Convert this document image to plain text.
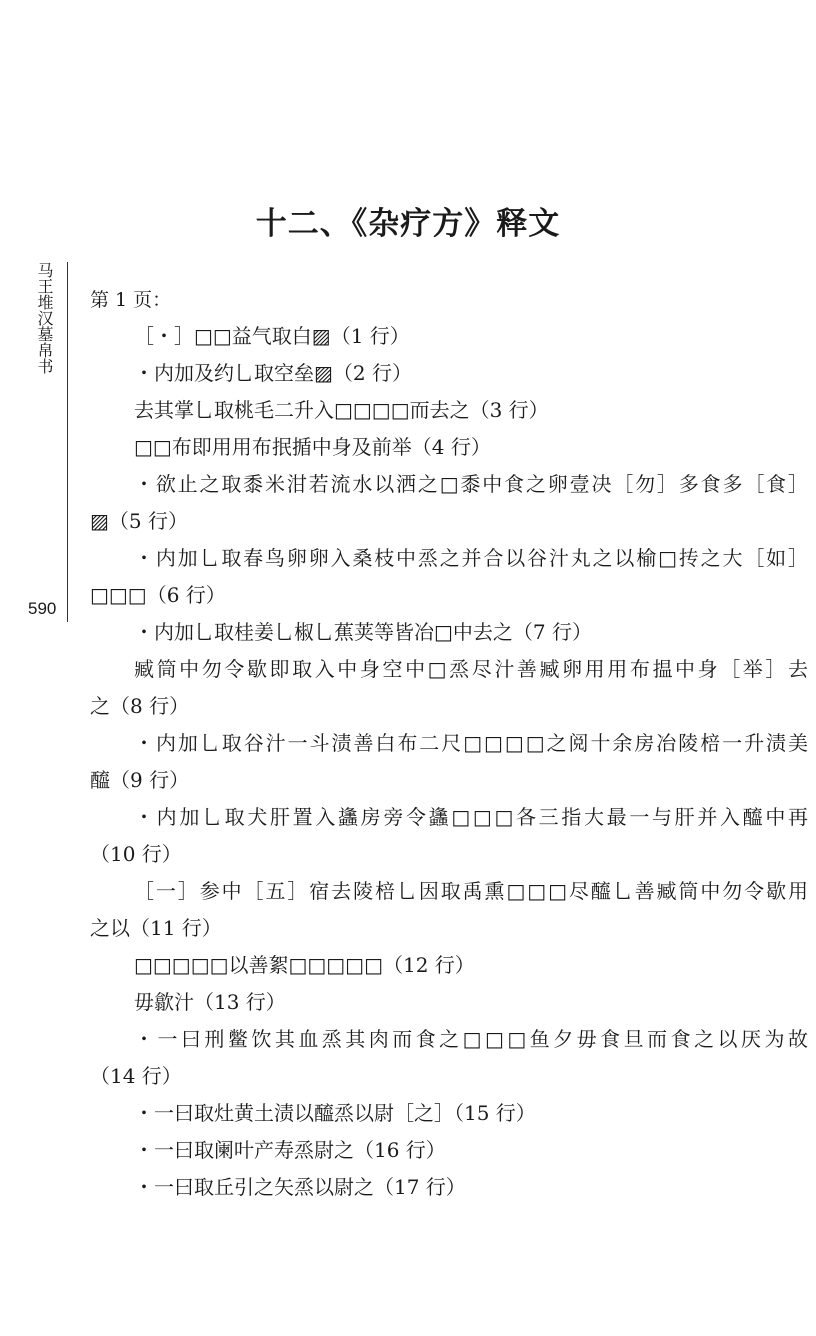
十二、《杂疗方》释文
马王堆汉墓帛书
590
第 1 页：
［・］□□益气取白▨（1 行）
・内加及约乚取空垒▨（2 行）
去其掌乚取桃毛二升入□□□□而去之（3 行）
□□布即用用布抿揗中身及前举（4 行）
・欲止之取黍米泔若流水以洒之□黍中食之卵壹决［勿］多食多［食］
▨（5 行）
・内加乚取春鸟卵卵入桑枝中烝之并合以谷汁丸之以榆□抟之大［如］
□□□（6 行）
・内加乚取桂姜乚椒乚蕉荚等皆冶□中去之（7 行）
臧筒中勿令歇即取入中身空中□烝尽汁善臧卵用用布揾中身［举］去
之（8 行）
・内加乚取谷汁一斗渍善白布二尺□□□□之阅十余房冶陵棓一升渍美
醯（9 行）
・内加乚取犬肝置入蠭房旁令蠭□□□各三指大最一与肝并入醯中再
（10 行）
［一］参中［五］宿去陵棓乚因取禹熏□□□尽醯乚善臧筒中勿令歇用
之以（11 行）
□□□□□以善絮□□□□□（12 行）
毋歙汁（13 行）
・一曰刑鳖饮其血烝其肉而食之□□□鱼夕毋食旦而食之以厌为故
（14 行）
・一曰取灶黄土渍以醯烝以尉［之］（15 行）
・一曰取阑叶产寿烝尉之（16 行）
・一曰取丘引之矢烝以尉之（17 行）
